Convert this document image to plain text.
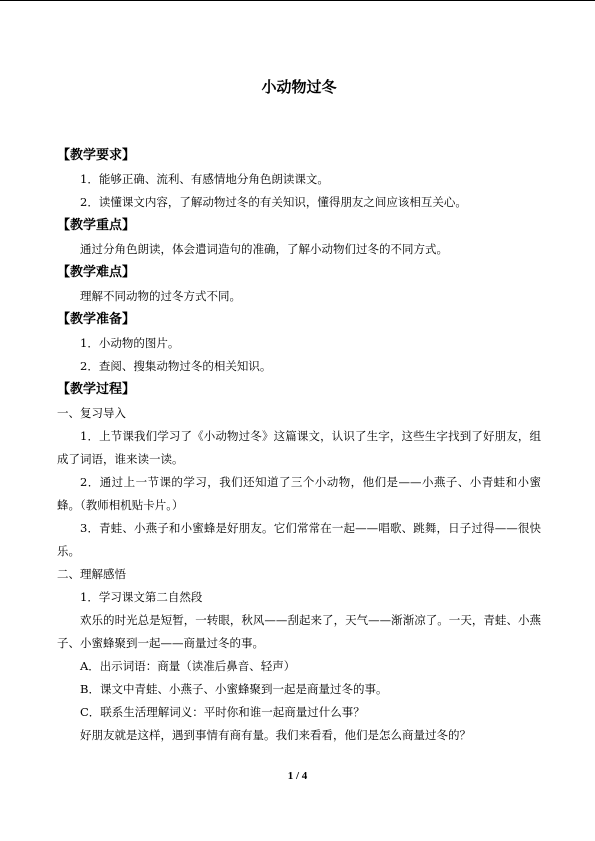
小动物过冬
【教学要求】

1．能够正确、流利、有感情地分角色朗读课文。

2．读懂课文内容，了解动物过冬的有关知识，懂得朋友之间应该相互关心。

【教学重点】

通过分角色朗读，体会遣词造句的准确，了解小动物们过冬的不同方式。

【教学难点】

理解不同动物的过冬方式不同。

【教学准备】

1．小动物的图片。

2．查阅、搜集动物过冬的相关知识。

【教学过程】

一、复习导入

1．上节课我们学习了《小动物过冬》这篇课文，认识了生字，这些生字找到了好朋友，组成了词语，谁来读一读。

2．通过上一节课的学习，我们还知道了三个小动物，他们是——小燕子、小青蛙和小蜜蜂。（教师相机贴卡片。）

3．青蛙、小燕子和小蜜蜂是好朋友。它们常常在一起——唱歌、跳舞，日子过得——很快乐。

二、理解感悟

1．学习课文第二自然段

欢乐的时光总是短暂，一转眼，秋风——刮起来了，天气——渐渐凉了。一天，青蛙、小燕子、小蜜蜂聚到一起——商量过冬的事。

A．出示词语：商量（读准后鼻音、轻声）

B．课文中青蛙、小燕子、小蜜蜂聚到一起是商量过冬的事。

C．联系生活理解词义：平时你和谁一起商量过什么事？

好朋友就是这样，遇到事情有商有量。我们来看看，他们是怎么商量过冬的？

1 / 4
